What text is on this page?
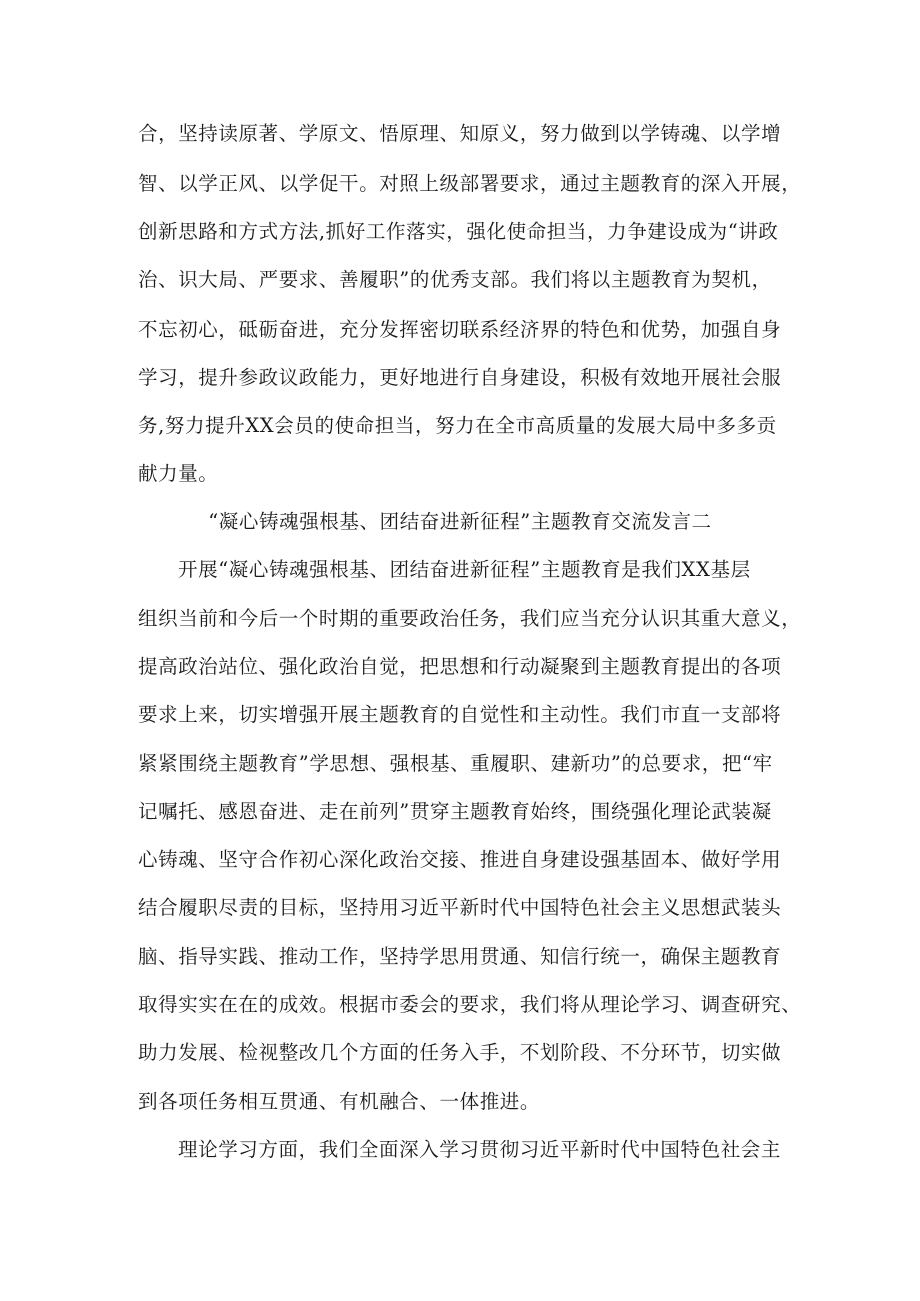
合，坚持读原著、学原文、悟原理、知原义，努力做到以学铸魂、以学增
智、以学正风、以学促干。对照上级部署要求，通过主题教育的深入开展，
创新思路和方式方法,抓好工作落实，强化使命担当，力争建设成为“讲政
治、识大局、严要求、善履职”的优秀支部。我们将以主题教育为契机，
不忘初心，砥砺奋进，充分发挥密切联系经济界的特色和优势，加强自身
学习，提升参政议政能力，更好地进行自身建设，积极有效地开展社会服
务,努力提升XX会员的使命担当，努力在全市高质量的发展大局中多多贡
献力量。
“凝心铸魂强根基、团结奋进新征程”主题教育交流发言二
开展“凝心铸魂强根基、团结奋进新征程”主题教育是我们XX基层
组织当前和今后一个时期的重要政治任务，我们应当充分认识其重大意义，
提高政治站位、强化政治自觉，把思想和行动凝聚到主题教育提出的各项
要求上来，切实增强开展主题教育的自觉性和主动性。我们市直一支部将
紧紧围绕主题教育”学思想、强根基、重履职、建新功”的总要求，把“牢
记嘱托、感恩奋进、走在前列”贯穿主题教育始终，围绕强化理论武装凝
心铸魂、坚守合作初心深化政治交接、推进自身建设强基固本、做好学用
结合履职尽责的目标，坚持用习近平新时代中国特色社会主义思想武装头
脑、指导实践、推动工作，坚持学思用贯通、知信行统一，确保主题教育
取得实实在在的成效。根据市委会的要求，我们将从理论学习、调查研究、
助力发展、检视整改几个方面的任务入手，不划阶段、不分环节，切实做
到各项任务相互贯通、有机融合、一体推进。
理论学习方面，我们全面深入学习贯彻习近平新时代中国特色社会主
